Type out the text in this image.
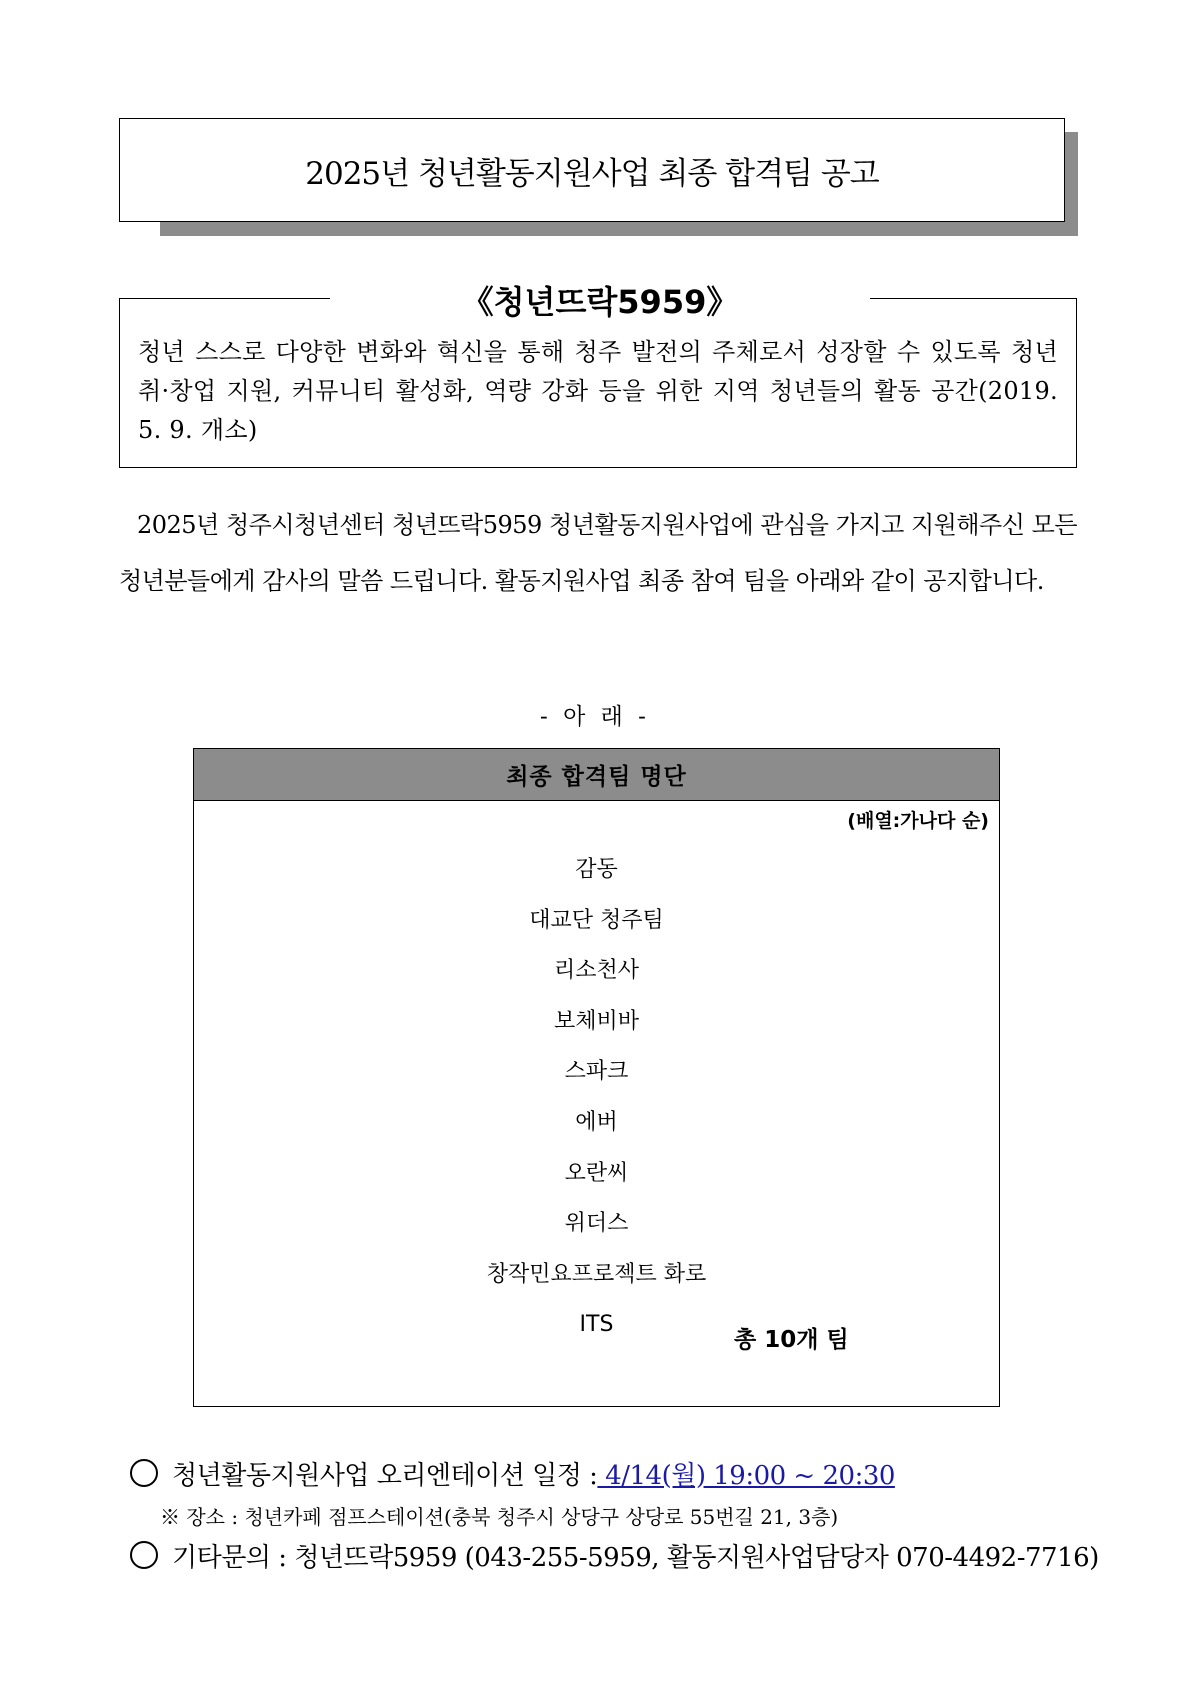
2025년 청년활동지원사업 최종 합격팀 공고
《청년뜨락5959》
청년 스스로 다양한 변화와 혁신을 통해 청주 발전의 주체로서 성장할 수 있도록 청년 취·창업 지원, 커뮤니티 활성화, 역량 강화 등을 위한 지역 청년들의 활동 공간(2019. 5. 9. 개소)
2025년 청주시청년센터 청년뜨락5959 청년활동지원사업에 관심을 가지고 지원해주신 모든 청년분들에게 감사의 말씀 드립니다. 활동지원사업 최종 참여 팀을 아래와 같이 공지합니다.
- 아 래 -
최종 합격팀 명단
(배열:가나다 순)
감동
대교단 청주팀
리소천사
보체비바
스파크
에버
오란씨
위더스
창작민요프로젝트 화로
ITS
총 10개 팀
청년활동지원사업 오리엔테이션 일정 : 4/14(월) 19:00 ~ 20:30
※ 장소 : 청년카페 점프스테이션(충북 청주시 상당구 상당로 55번길 21, 3층)
기타문의 : 청년뜨락5959 (043-255-5959, 활동지원사업담당자 070-4492-7716)
